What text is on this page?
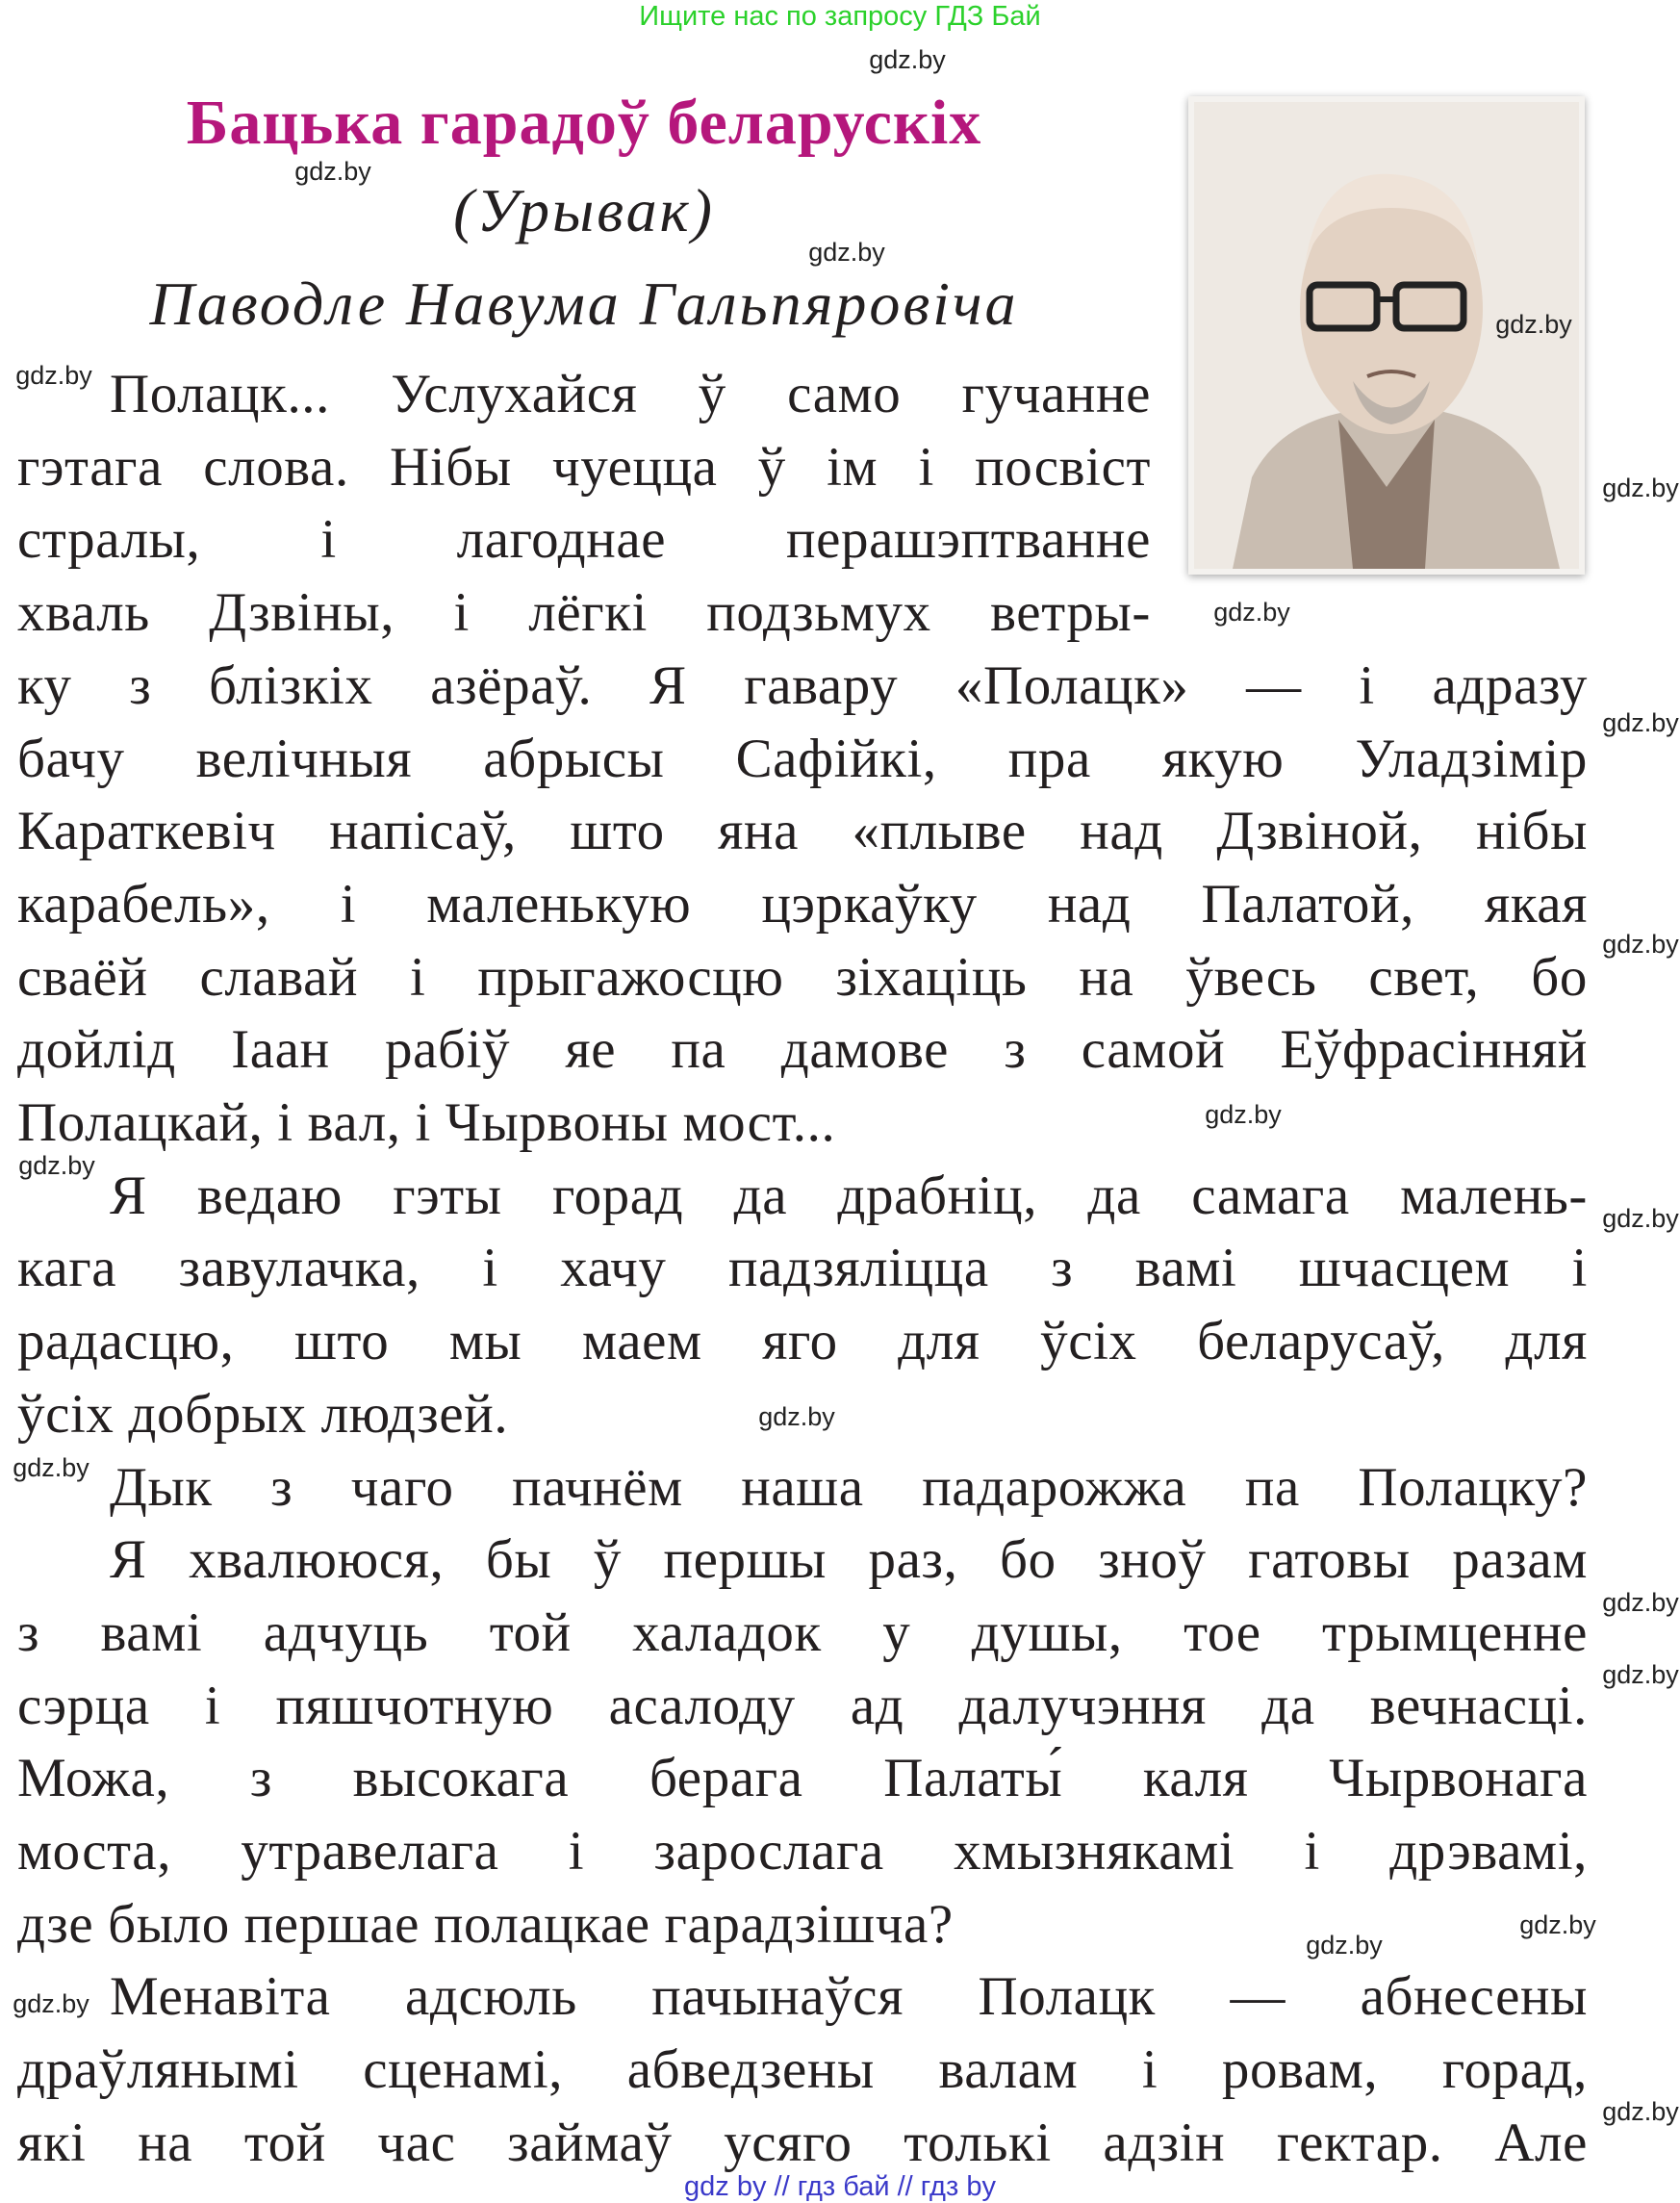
Ищите нас по запросу ГДЗ Бай
Бацька гарадоў беларускіх
(Урывак)
Паводле Навума Гальпяровіча
Полацк... Услухайся ў само гучанне
гэтага слова. Нібы чуецца ў ім і посвіст
стралы, і лагоднае перашэптванне
хваль Дзвіны, і лёгкі подзьмух ветры-
ку з блізкіх азёраў. Я гавару «Полацк» — і адразу
бачу велічныя абрысы Сафійкі, пра якую Уладзімір
Караткевіч напісаў, што яна «плыве над Дзвіной, нібы
карабель», і маленькую цэркаўку над Палатой, якая
сваёй славай і прыгажосцю зіхаціць на ўвесь свет, бо
дойлід Іаан рабіў яе па дамове з самой Еўфрасінняй
Полацкай, і вал, і Чырвоны мост...
Я ведаю гэты горад да драбніц, да самага малень-
кага завулачка, і хачу падзяліцца з вамі шчасцем і
радасцю, што мы маем яго для ўсіх беларусаў, для
ўсіх добрых людзей.
Дык з чаго пачнём наша падарожжа па Полацку?
Я хвалююся, бы ў першы раз, бо зноў гатовы разам
з вамі адчуць той халадок у душы, тое трымценне
сэрца і пяшчотную асалоду ад далучэння да вечнасці.
Можа, з высокага берага Палаты́ каля Чырвонага
моста, утравелага і зарослага хмызнякамі і дрэвамі,
дзе было першае полацкае гарадзішча?
Менавіта адсюль пачынаўся Полацк — абнесены
драўлянымі сценамі, абведзены валам і ровам, горад,
які на той час займаў усяго толькі адзін гектар. Але
gdz.by
gdz.by
gdz.by
gdz.by
gdz.by
gdz.by
gdz.by
gdz.by
gdz.by
gdz.by
gdz.by
gdz.by
gdz.by
gdz.by
gdz.by
gdz.by
gdz.by
gdz.by
gdz.by
gdz.by
gdz by // гдз бай // гдз by
